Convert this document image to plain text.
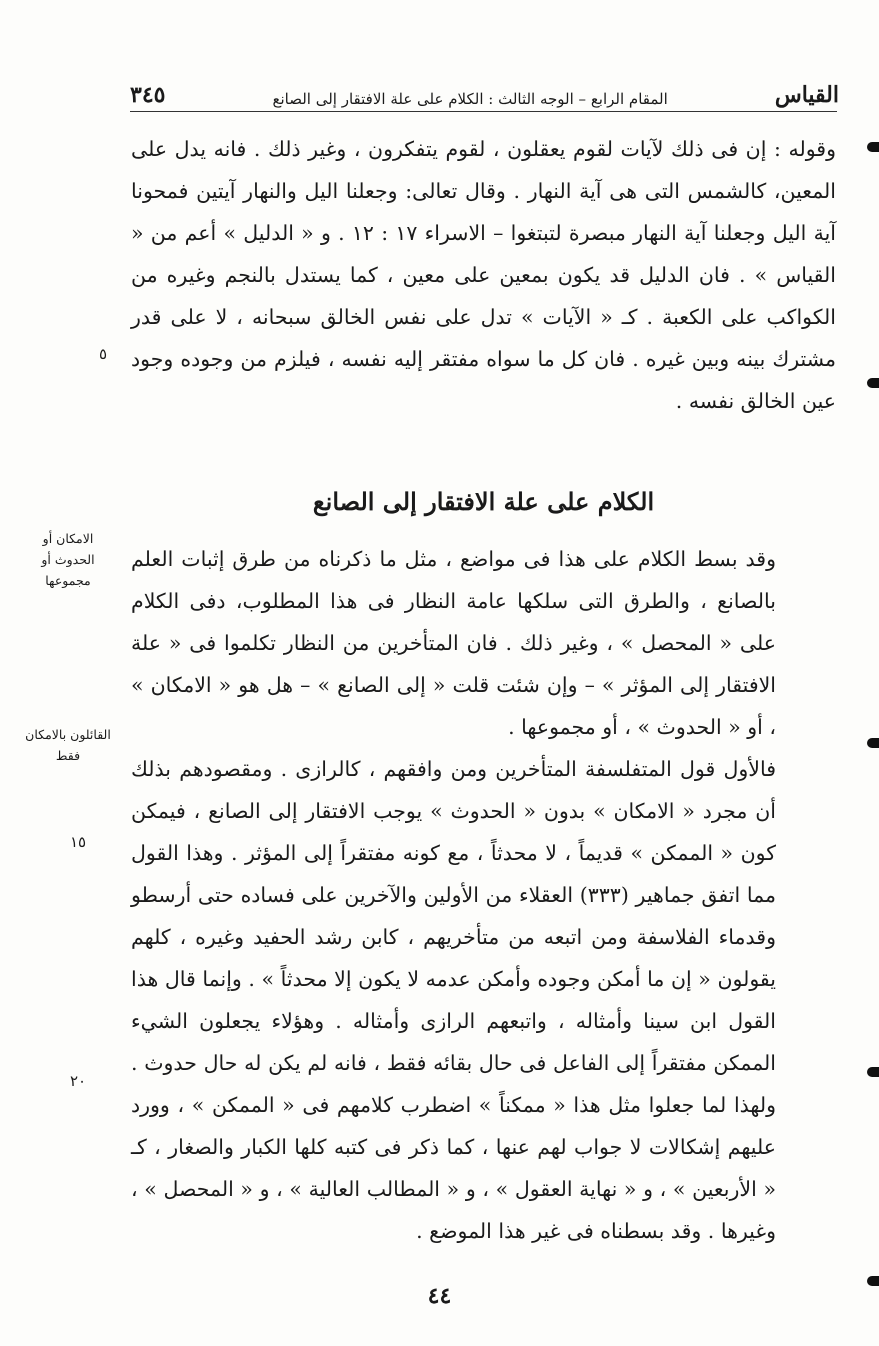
القياس
المقام الرابع – الوجه الثالث : الكلام على علة الافتقار إلى الصانع
٣٤٥

وقوله : إن فى ذلك لآيات لقوم يعقلون ، لقوم يتفكرون ، وغير ذلك . فانه يدل على المعين، كالشمس التى هى آية النهار . وقال تعالى: وجعلنا اليل والنهار آيتين فمحونا آية اليل وجعلنا آية النهار مبصرة لتبتغوا – الاسراء ١٧ : ١٢ . و « الدليل » أعم من « القياس » . فان الدليل قد يكون بمعين على معين ، كما يستدل بالنجم وغيره من الكواكب على الكعبة . كـ « الآيات » تدل على نفس الخالق سبحانه ، لا على قدر مشترك بينه وبين غيره . فان كل ما سواه مفتقر إليه نفسه ، فيلزم من وجوده وجود عين الخالق نفسه .

الكلام على علة الافتقار إلى الصانع

وقد بسط الكلام على هذا فى مواضع ، مثل ما ذكرناه من طرق إثبات العلم بالصانع ، والطرق التى سلكها عامة النظار فى هذا المطلوب، دفى الكلام على « المحصل » ، وغير ذلك . فان المتأخرين من النظار تكلموا فى « علة الافتقار إلى المؤثر » – وإن شئت قلت « إلى الصانع » – هل هو « الامكان » ، أو « الحدوث » ، أو مجموعها .

فالأول قول المتفلسفة المتأخرين ومن وافقهم ، كالرازى . ومقصودهم بذلك أن مجرد « الامكان » بدون « الحدوث » يوجب الافتقار إلى الصانع ، فيمكن كون « الممكن » قديماً ، لا محدثاً ، مع كونه مفتقراً إلى المؤثر . وهذا القول مما اتفق جماهير (٣٣٣) العقلاء من الأولين والآخرين على فساده حتى أرسطو وقدماء الفلاسفة ومن اتبعه من متأخريهم ، كابن رشد الحفيد وغيره ، كلهم يقولون « إن ما أمكن وجوده وأمكن عدمه لا يكون إلا محدثاً » . وإنما قال هذا القول ابن سينا وأمثاله ، واتبعهم الرازى وأمثاله . وهؤلاء يجعلون الشيء الممكن مفتقراً إلى الفاعل فى حال بقائه فقط ، فانه لم يكن له حال حدوث . ولهذا لما جعلوا مثل هذا « ممكناً » اضطرب كلامهم فى « الممكن » ، وورد عليهم إشكالات لا جواب لهم عنها ، كما ذكر فى كتبه كلها الكبار والصغار ، كـ « الأربعين » ، و « نهاية العقول » ، و « المطالب العالية » ، و « المحصل » ، وغيرها . وقد بسطناه فى غير هذا الموضع .

الامكان أو الحدوث أو مجموعها
القائلون بالامكان فقط
٥
١٥
٢٠
٤٤
